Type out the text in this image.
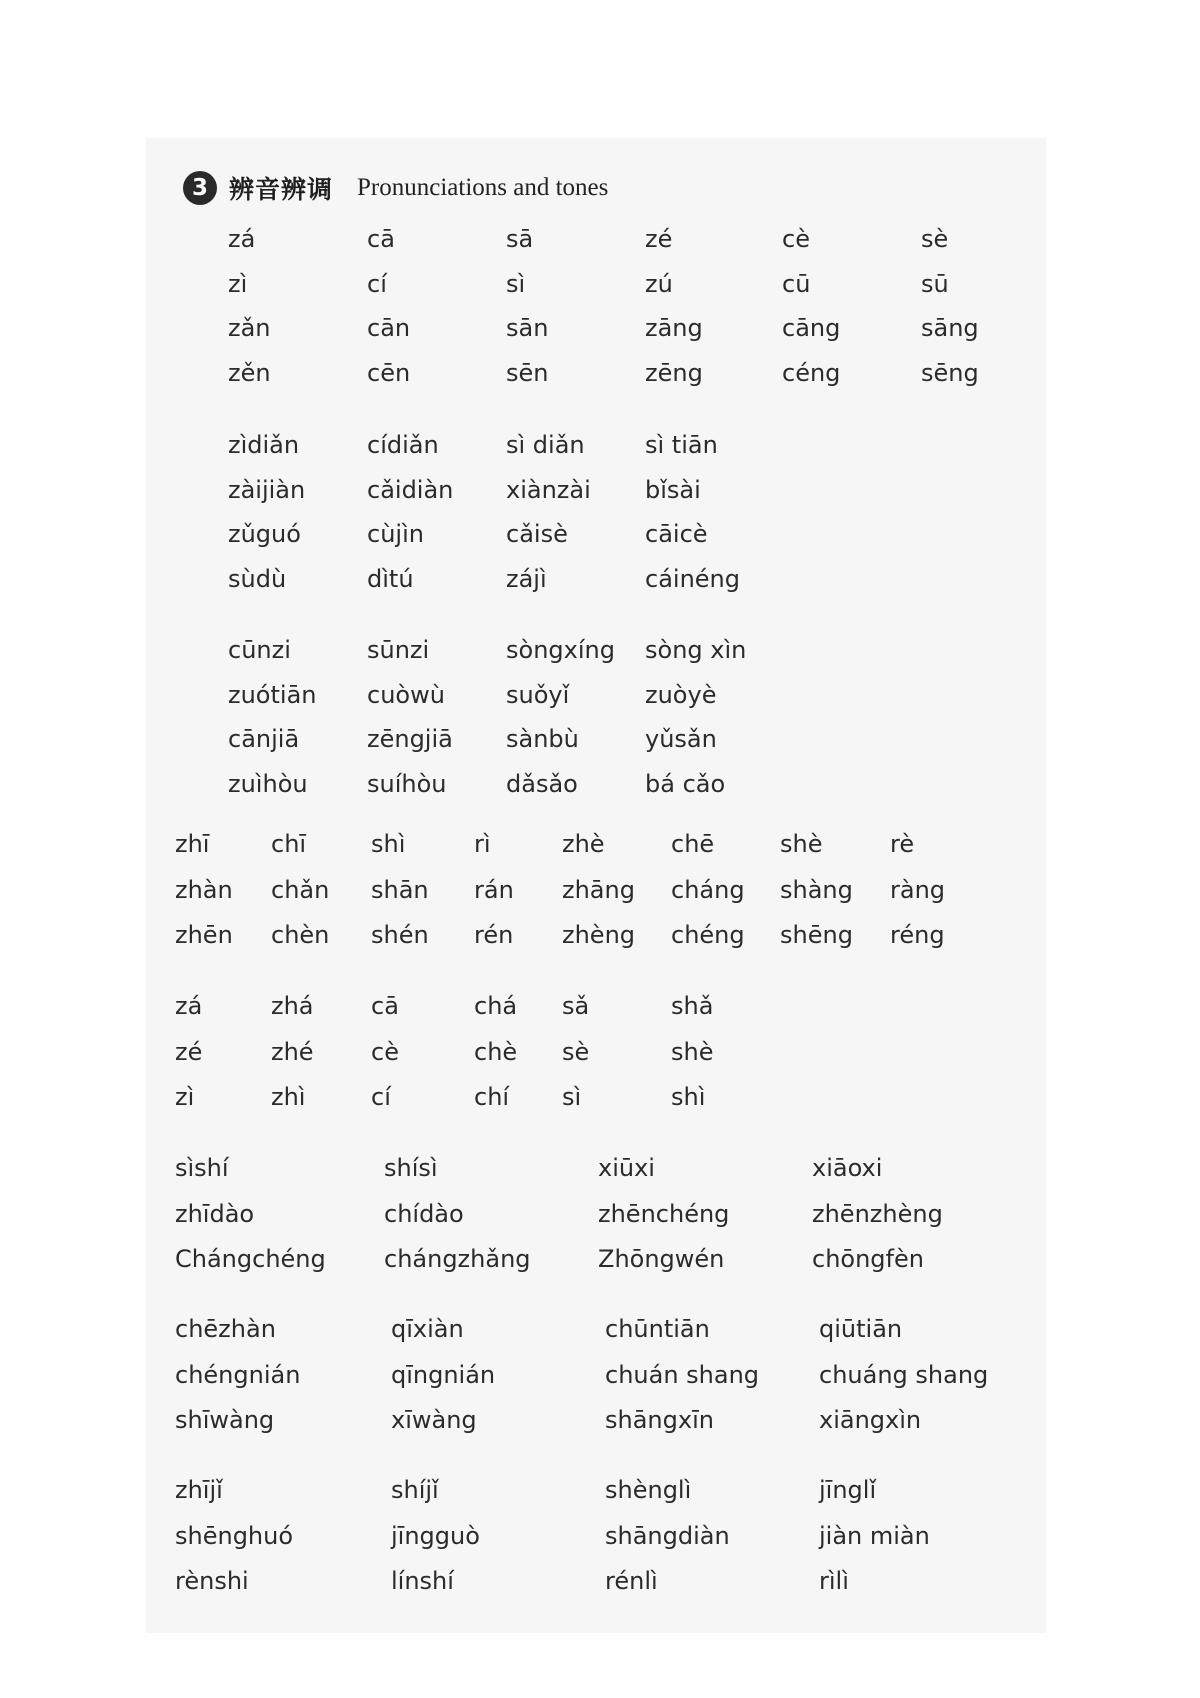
3 辨音辨调 Pronunciations and tones
zá	cā	sā	zé	cè	sè
zì	cí	sì	zú	cū	sū
zǎn	cān	sān	zāng	cāng	sāng
zěn	cēn	sēn	zēng	céng	sēng
zìdiǎn	cídiǎn	sì diǎn	sì tiān
zàijiàn	cǎidiàn	xiànzài	bǐsài
zǔguó	cùjìn	cǎisè	cāicè
sùdù	dìtú	zájì	cáinéng
cūnzi	sūnzi	sòngxíng	sòng xìn
zuótiān	cuòwù	suǒyǐ	zuòyè
cānjiā	zēngjiā	sànbù	yǔsǎn
zuìhòu	suíhòu	dǎsǎo	bá cǎo
zhī	chī	shì	rì	zhè	chē	shè	rè
zhàn	chǎn	shān	rán	zhāng	cháng	shàng	ràng
zhēn	chèn	shén	rén	zhèng	chéng	shēng	réng
zá	zhá	cā	chá	sǎ	shǎ
zé	zhé	cè	chè	sè	shè
zì	zhì	cí	chí	sì	shì
sìshí	shísì	xiūxi	xiāoxi
zhīdào	chídào	zhēnchéng	zhēnzhèng
Chángchéng	chángzhǎng	Zhōngwén	chōngfèn
chēzhàn	qīxiàn	chūntiān	qiūtiān
chéngnián	qīngnián	chuán shang	chuáng shang
shīwàng	xīwàng	shāngxīn	xiāngxìn
zhījǐ	shíjǐ	shènglì	jīnglǐ
shēnghuó	jīngguò	shāngdiàn	jiàn miàn
rènshi	línshí	rénlì	rìlì
